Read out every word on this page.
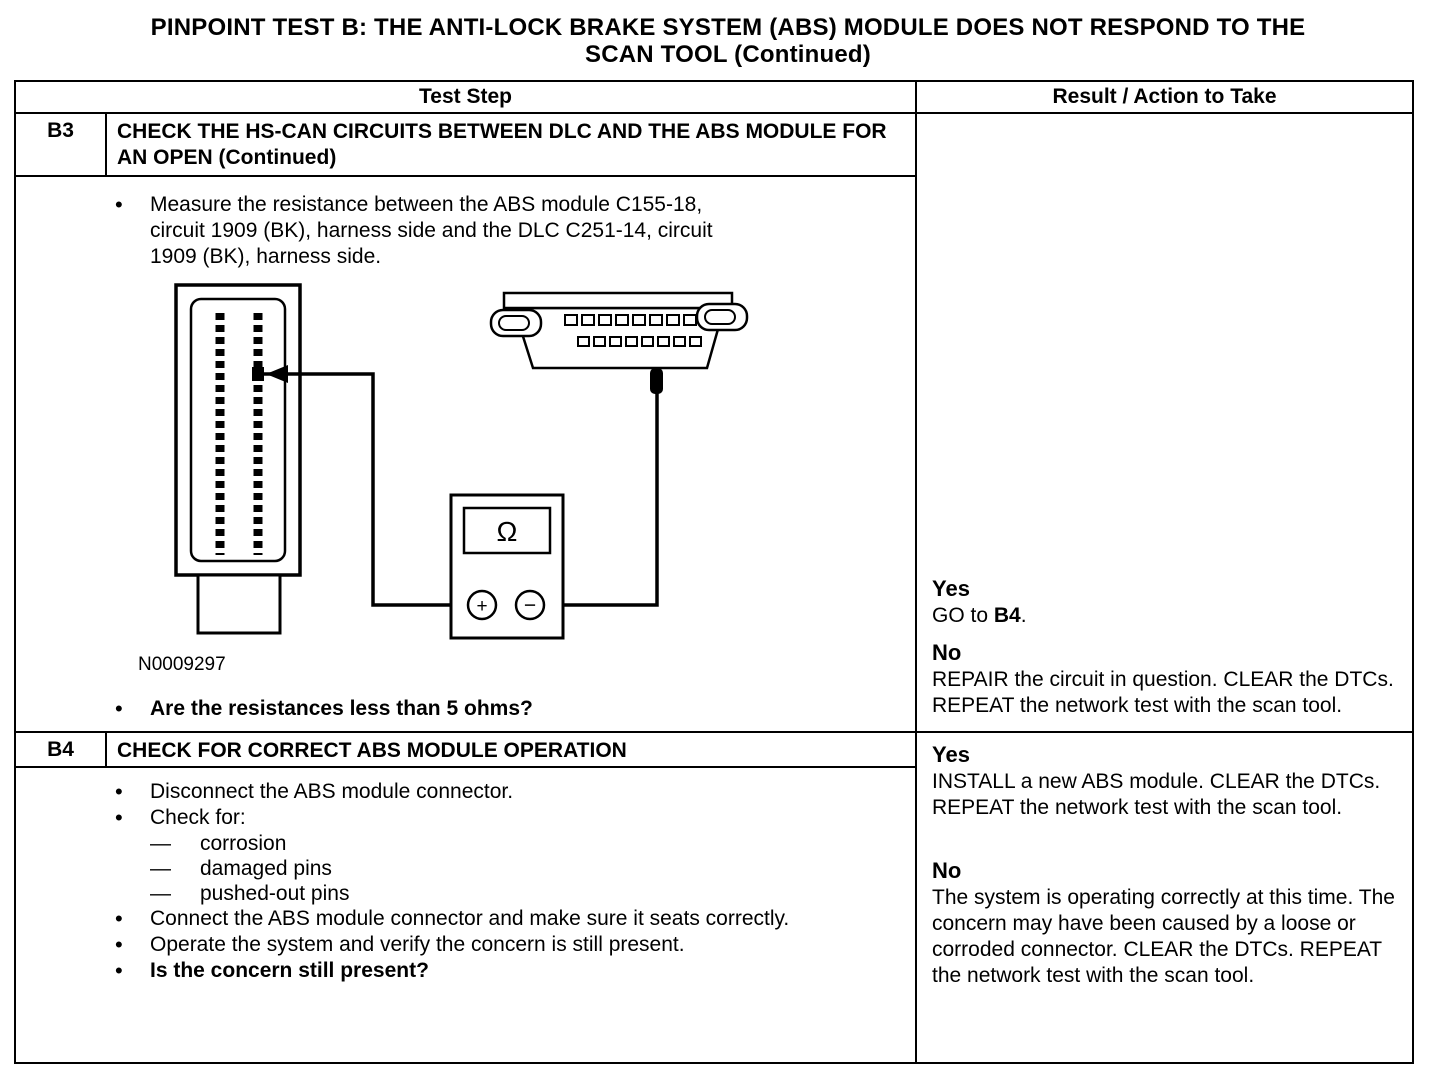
PINPOINT TEST B: THE ANTI-LOCK BRAKE SYSTEM (ABS) MODULE DOES NOT RESPOND TO THE
SCAN TOOL (Continued)
Test Step	Result / Action to Take
B3	CHECK THE HS-CAN CIRCUITS BETWEEN DLC AND THE ABS MODULE FOR AN OPEN (Continued)
•
Measure the resistance between the ABS module C155-18, circuit 1909 (BK), harness side and the DLC C251-14, circuit 1909 (BK), harness side.
Ω
+ −
N0009297
•
Are the resistances less than 5 ohms?
Yes
GO to B4.
No
REPAIR the circuit in question. CLEAR the DTCs. REPEAT the network test with the scan tool.
B4	CHECK FOR CORRECT ABS MODULE OPERATION
•
Disconnect the ABS module connector.
•
Check for:
—
corrosion
—
damaged pins
—
pushed-out pins
•
Connect the ABS module connector and make sure it seats correctly.
•
Operate the system and verify the concern is still present.
•
Is the concern still present?
Yes
INSTALL a new ABS module. CLEAR the DTCs. REPEAT the network test with the scan tool.
No
The system is operating correctly at this time. The concern may have been caused by a loose or corroded connector. CLEAR the DTCs. REPEAT the network test with the scan tool.
